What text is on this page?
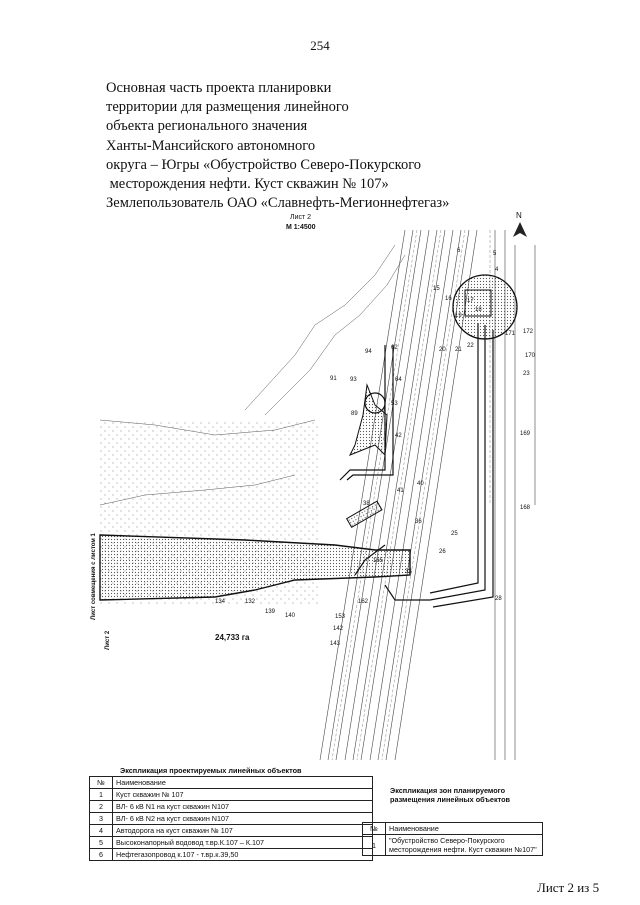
254
Основная часть проекта планировки
территории для размещения линейного
объекта регионального значения
Ханты-Мансийского автономного
округа – Югры «Обустройство Северо-Покурского
месторождения нефти. Куст скважин № 107»
Землепользователь ОАО «Славнефть-Мегионнефтегаз»
Лист 2
М 1:4500
N
6
4
15
16	17
18
19
20 21
22
23
25
26
28
33
36
38
40
41
42
53
62
64
89
91 93
94
132
134
139
140
142
143
153
162
165
168
169
170
171 172
5
24,733 га
Лист совмещения с листом 1
Лист 2
Экспликация проектируемых линейных объектов
№	Наименование
1	Куст скважин № 107
2	ВЛ- 6 кВ N1 на куст скважин N107
3	ВЛ- 6 кВ N2 на куст скважин N107
4	Автодорога на куст скважин № 107
5	Высоконапорный водовод т.вр.К.107 – К.107
6	Нефтегазопровод к.107 - т.вр.к.39,50
Экспликация зон планируемого
размещения линейных объектов
№	Наименование
1	"Обустройство Северо-Покурского месторождения нефти. Куст скважин №107"
Лист 2 из 5
